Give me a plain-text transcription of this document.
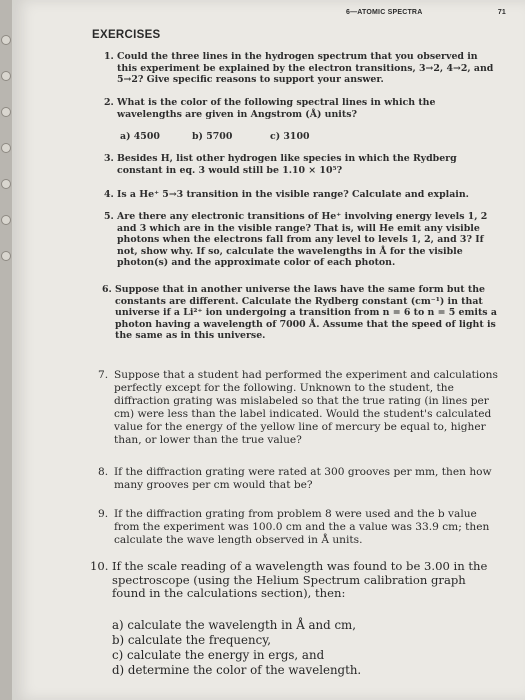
6—ATOMIC SPECTRA	71
EXERCISES
1. Could the three lines in the hydrogen spectrum that you observed in this experiment be explained by the electron transitions, 3→2, 4→2, and 5→2? Give specific reasons to support your answer.
2. What is the color of the following spectral lines in which the wavelengths are given in Angstrom (Å) units?
a) 4500	b) 5700	c) 3100
3. Besides H, list other hydrogen like species in which the Rydberg constant in eq. 3 would still be 1.10 × 10⁵?
4. Is a He⁺ 5→3 transition in the visible range? Calculate and explain.
5. Are there any electronic transitions of He⁺ involving energy levels 1, 2 and 3 which are in the visible range? That is, will He emit any visible photons when the electrons fall from any level to levels 1, 2, and 3? If not, show why. If so, calculate the wavelengths in Å for the visible photon(s) and the approximate color of each photon.
6. Suppose that in another universe the laws have the same form but the constants are different. Calculate the Rydberg constant (cm⁻¹) in that universe if a Li²⁺ ion undergoing a transition from n = 6 to n = 5 emits a photon having a wavelength of 7000 Å. Assume that the speed of light is the same as in this universe.
7. Suppose that a student had performed the experiment and calculations perfectly except for the following. Unknown to the student, the diffraction grating was mislabeled so that the true rating (in lines per cm) were less than the label indicated. Would the student's calculated value for the energy of the yellow line of mercury be equal to, higher than, or lower than the true value?
8. If the diffraction grating were rated at 300 grooves per mm, then how many grooves per cm would that be?
9. If the diffraction grating from problem 8 were used and the b value from the experiment was 100.0 cm and the a value was 33.9 cm; then calculate the wave length observed in Å units.
10. If the scale reading of a wavelength was found to be 3.00 in the spectroscope (using the Helium Spectrum calibration graph found in the calculations section), then:
a) calculate the wavelength in Å and cm,
b) calculate the frequency,
c) calculate the energy in ergs, and
d) determine the color of the wavelength.
